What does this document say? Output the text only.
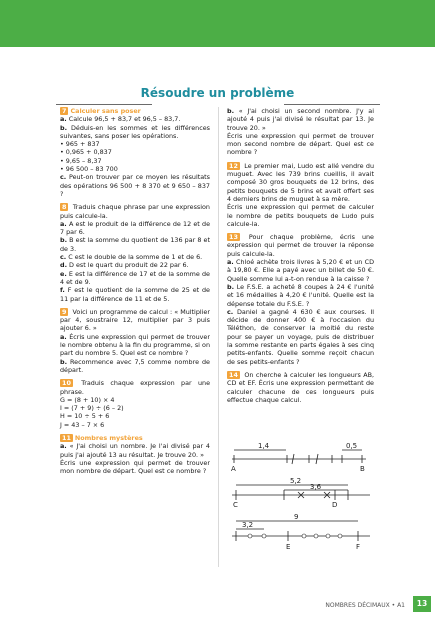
Résoudre un problème

7 Calculer sans poser

a. Calcule 96,5 + 83,7 et 96,5 – 83,7.

b. Déduis-en les sommes et les différences suivantes, sans poser les opérations.

• 965 + 837

• 0,965 + 0,837

• 9,65 – 8,37

• 96 500 – 83 700

c. Peut-on trouver par ce moyen les résultats des opérations 96 500 + 8 370 et 9 650 – 837 ?

8 Traduis chaque phrase par une expression puis calcule-la.

a. A est le produit de la différence de 12 et de 7 par 6.

b. B est la somme du quotient de 136 par 8 et de 3.

c. C est le double de la somme de 1 et de 6.

d. D est le quart du produit de 22 par 6.

e. E est la différence de 17 et de la somme de 4 et de 9.

f. F est le quotient de la somme de 25 et de 11 par la différence de 11 et de 5.

9 Voici un programme de calcul : « Multiplier par 4, soustraire 12, multiplier par 3 puis ajouter 6. »

a. Écris une expression qui permet de trouver le nombre obtenu à la fin du programme, si on part du nombre 5. Quel est ce nombre ?

b. Recommence avec 7,5 comme nombre de départ.

10 Traduis chaque expression par une phrase.

G = (8 + 10) × 4

I = (7 + 9) ÷ (6 – 2)

H = 10 ÷ 5 + 6

J = 43 – 7 × 6

11 Nombres mystères

a. « J'ai choisi un nombre. Je l'ai divisé par 4 puis j'ai ajouté 13 au résultat. Je trouve 20. »

Écris une expression qui permet de trouver mon nombre de départ. Quel est ce nombre ?

b. « J'ai choisi un second nombre. J'y ai ajouté 4 puis j'ai divisé le résultat par 13. Je trouve 20. »

Écris une expression qui permet de trouver mon second nombre de départ. Quel est ce nombre ?

12 Le premier mai, Ludo est allé vendre du muguet. Avec les 739 brins cueillis, il avait composé 30 gros bouquets de 12 brins, des petits bouquets de 5 brins et avait offert ses 4 derniers brins de muguet à sa mère.

Écris une expression qui permet de calculer le nombre de petits bouquets de Ludo puis calcule-la.

13 Pour chaque problème, écris une expression qui permet de trouver la réponse puis calcule-la.

a. Chloé achète trois livres à 5,20 € et un CD à 19,80 €. Elle a payé avec un billet de 50 €. Quelle somme lui a-t-on rendue à la caisse ?

b. Le F.S.E. a acheté 8 coupes à 24 € l'unité et 16 médailles à 4,20 € l'unité. Quelle est la dépense totale du F.S.E. ?

c. Daniel a gagné 4 630 € aux courses. Il décide de donner 400 € à l'occasion du Téléthon, de conserver la moitié du reste pour se payer un voyage, puis de distribuer la somme restante en parts égales à ses cinq petits-enfants. Quelle somme reçoit chacun de ses petits-enfants ?

14 On cherche à calculer les longueurs AB, CD et EF. Écris une expression permettant de calculer chacune de ces longueurs puis effectue chaque calcul.

1,4	0,5
A	B
5,2
3,6
C	D
9
3,2
E	F
NOMBRES DÉCIMAUX • A1	13
